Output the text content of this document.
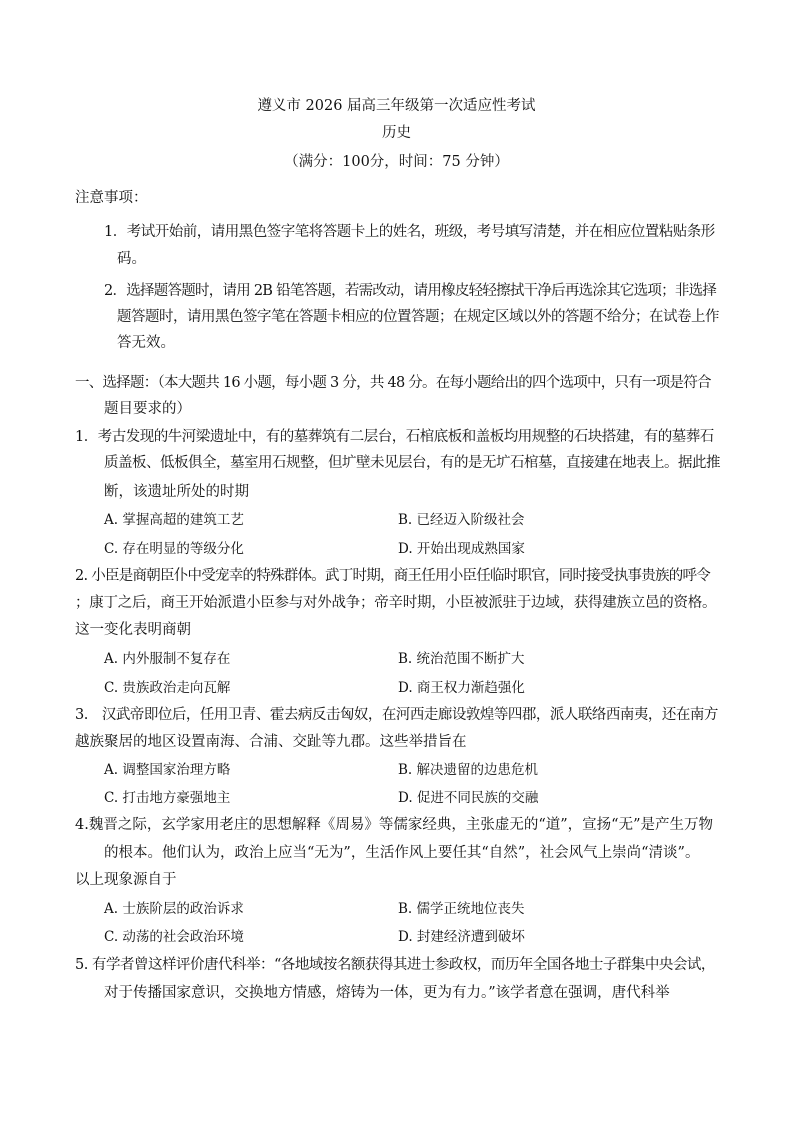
遵义市 2026 届高三年级第一次适应性考试
历史
（满分：100分，时间：75 分钟）
注意事项：
1．考试开始前，请用黑色签字笔将答题卡上的姓名，班级，考号填写清楚，并在相应位置粘贴条形
码。
2．选择题答题时，请用 2B 铅笔答题，若需改动，请用橡皮轻轻擦拭干净后再选涂其它选项；非选择
题答题时，请用黑色签字笔在答题卡相应的位置答题；在规定区域以外的答题不给分；在试卷上作
答无效。
一、选择题：（本大题共 16 小题，每小题 3 分，共 48 分。在每小题给出的四个选项中，只有一项是符合
题目要求的）
1．考古发现的牛河梁遗址中，有的墓葬筑有二层台，石棺底板和盖板均用规整的石块搭建，有的墓葬石
质盖板、低板俱全，墓室用石规整，但圹壁未见层台，有的是无圹石棺墓，直接建在地表上。据此推
断，该遗址所处的时期
A. 掌握高超的建筑工艺	B. 已经迈入阶级社会
C. 存在明显的等级分化	D. 开始出现成熟国家
2. 小臣是商朝臣仆中受宠幸的特殊群体。武丁时期，商王任用小臣任临时职官，同时接受执事贵族的呼令
；康丁之后，商王开始派遣小臣参与对外战争；帝辛时期，小臣被派驻于边域，获得建族立邑的资格。
这一变化表明商朝
A. 内外服制不复存在	B. 统治范围不断扩大
C. 贵族政治走向瓦解	D. 商王权力渐趋强化
3.　汉武帝即位后，任用卫青、霍去病反击匈奴，在河西走廊设敦煌等四郡，派人联络西南夷，还在南方
越族聚居的地区设置南海、合浦、交趾等九郡。这些举措旨在
A. 调整国家治理方略	B. 解决遗留的边患危机
C. 打击地方豪强地主	D. 促进不同民族的交融
4.魏晋之际，玄学家用老庄的思想解释《周易》等儒家经典，主张虚无的“道”，宣扬“无”是产生万物
的根本。他们认为，政治上应当“无为”，生活作风上要任其“自然”，社会风气上崇尚“清谈”。
以上现象源自于
A. 士族阶层的政治诉求	B. 儒学正统地位丧失
C. 动荡的社会政治环境	D. 封建经济遭到破坏
5. 有学者曾这样评价唐代科举：“各地域按名额获得其进士参政权，而历年全国各地士子群集中央会试，
对于传播国家意识，交换地方情感，熔铸为一体，更为有力。”该学者意在强调，唐代科举
